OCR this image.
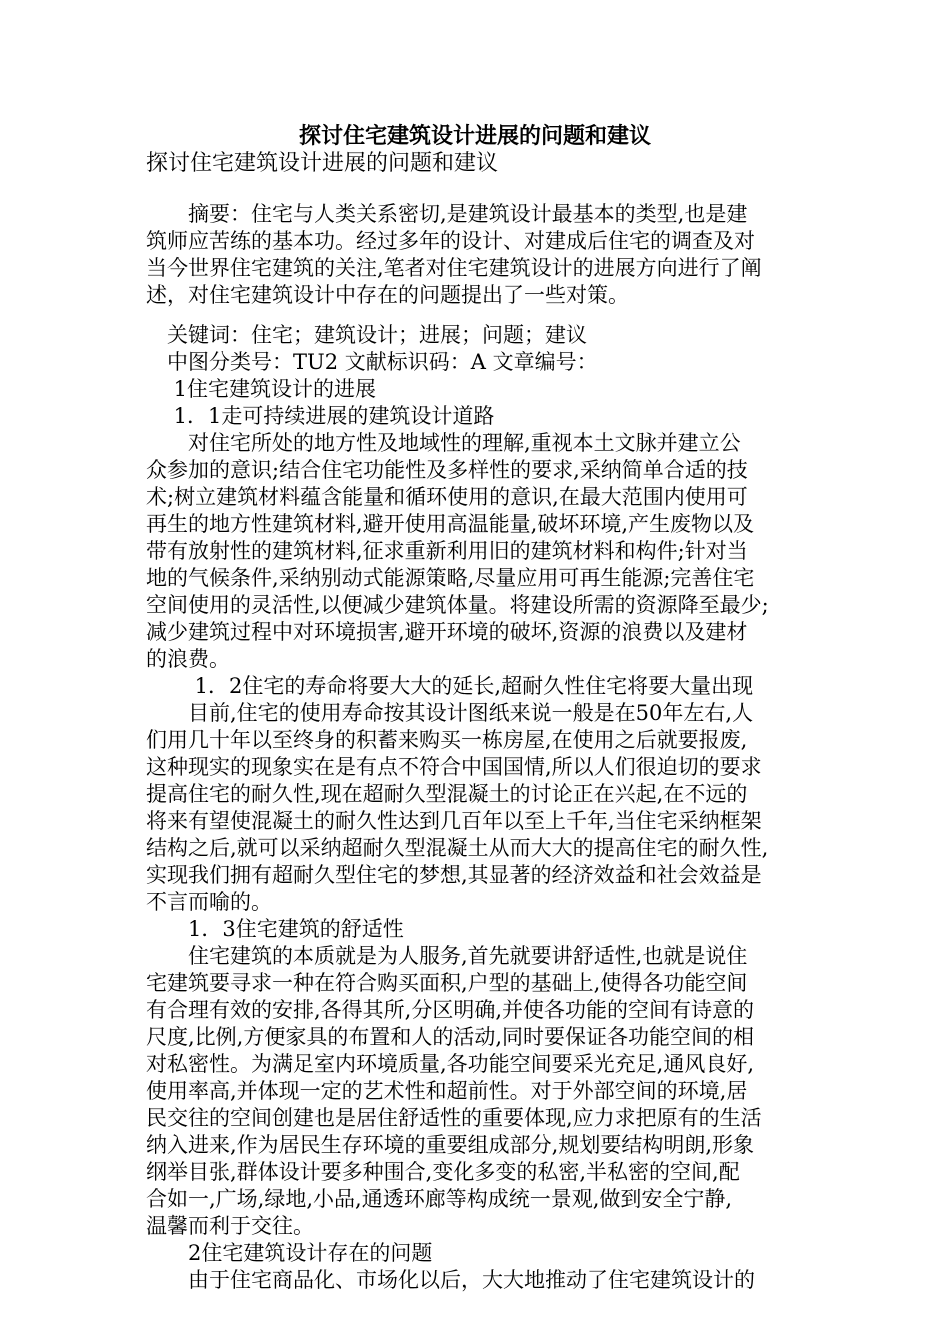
探讨住宅建筑设计进展的问题和建议
探讨住宅建筑设计进展的问题和建议
　　摘要：住宅与人类关系密切,是建筑设计最基本的类型,也是建
筑师应苦练的基本功。经过多年的设计、对建成后住宅的调查及对
当今世界住宅建筑的关注,笔者对住宅建筑设计的进展方向进行了阐
述，对住宅建筑设计中存在的问题提出了一些对策。
　关键词：住宅；建筑设计；进展；问题；建议
　中图分类号：TU2 文献标识码：A 文章编号：
　 1住宅建筑设计的进展
　 1．1走可持续进展的建筑设计道路
　　对住宅所处的地方性及地域性的理解,重视本土文脉并建立公
众参加的意识;结合住宅功能性及多样性的要求,采纳简单合适的技
术;树立建筑材料蕴含能量和循环使用的意识,在最大范围内使用可
再生的地方性建筑材料,避开使用高温能量,破坏环境,产生废物以及
带有放射性的建筑材料,征求重新利用旧的建筑材料和构件;针对当
地的气候条件,采纳别动式能源策略,尽量应用可再生能源;完善住宅
空间使用的灵活性,以便减少建筑体量。将建设所需的资源降至最少;
减少建筑过程中对环境损害,避开环境的破坏,资源的浪费以及建材
的浪费。
　　 1．2住宅的寿命将要大大的延长,超耐久性住宅将要大量出现
　　目前,住宅的使用寿命按其设计图纸来说一般是在50年左右,人
们用几十年以至终身的积蓄来购买一栋房屋,在使用之后就要报废,
这种现实的现象实在是有点不符合中国国情,所以人们很迫切的要求
提高住宅的耐久性,现在超耐久型混凝土的讨论正在兴起,在不远的
将来有望使混凝土的耐久性达到几百年以至上千年,当住宅采纳框架
结构之后,就可以采纳超耐久型混凝土从而大大的提高住宅的耐久性,
实现我们拥有超耐久型住宅的梦想,其显著的经济效益和社会效益是
不言而喻的。
　　1．3住宅建筑的舒适性
　　住宅建筑的本质就是为人服务,首先就要讲舒适性,也就是说住
宅建筑要寻求一种在符合购买面积,户型的基础上,使得各功能空间
有合理有效的安排,各得其所,分区明确,并使各功能的空间有诗意的
尺度,比例,方便家具的布置和人的活动,同时要保证各功能空间的相
对私密性。为满足室内环境质量,各功能空间要采光充足,通风良好,
使用率高,并体现一定的艺术性和超前性。对于外部空间的环境,居
民交往的空间创建也是居住舒适性的重要体现,应力求把原有的生活
纳入进来,作为居民生存环境的重要组成部分,规划要结构明朗,形象
纲举目张,群体设计要多种围合,变化多变的私密,半私密的空间,配
合如一,广场,绿地,小品,通透环廊等构成统一景观,做到安全宁静,
温馨而利于交往。
　　2住宅建筑设计存在的问题
　　由于住宅商品化、市场化以后，大大地推动了住宅建筑设计的
